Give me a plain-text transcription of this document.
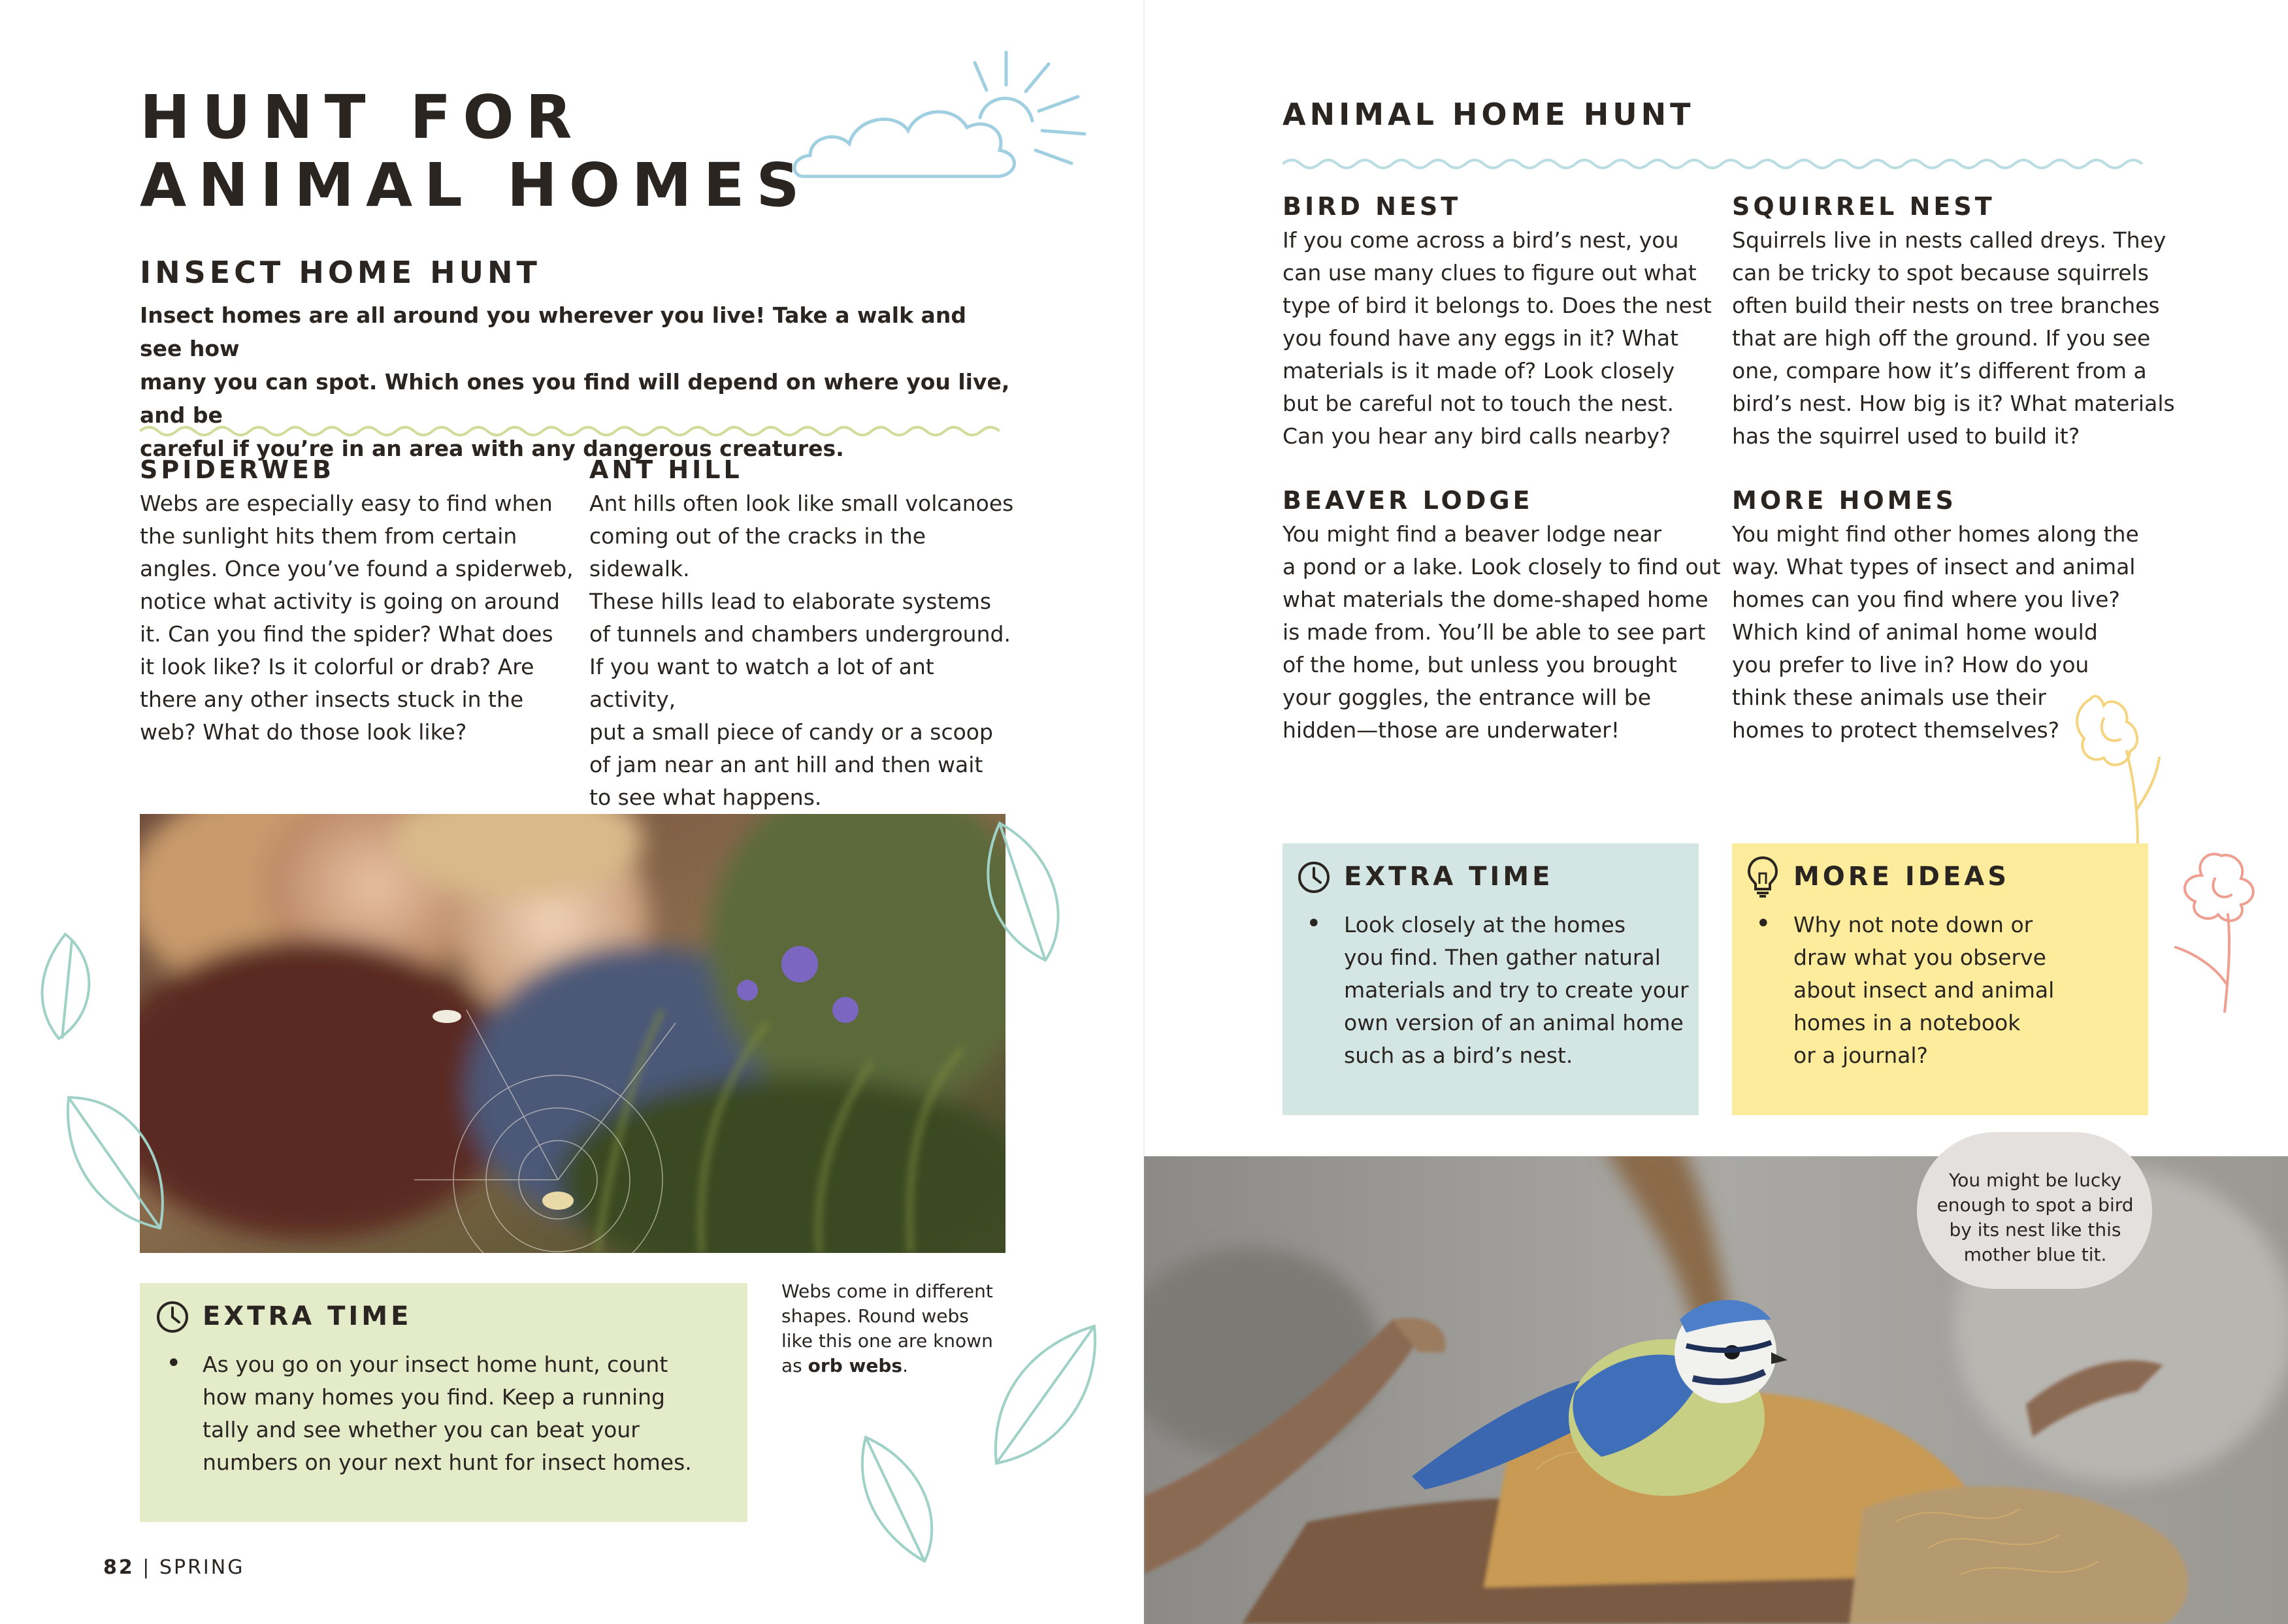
HUNT FOR
ANIMAL HOMES
INSECT HOME HUNT
Insect homes are all around you wherever you live! Take a walk and see how
many you can spot. Which ones you find will depend on where you live, and be
careful if you’re in an area with any dangerous creatures.
SPIDERWEB
Webs are especially easy to find when
the sunlight hits them from certain
angles. Once you’ve found a spiderweb,
notice what activity is going on around
it. Can you find the spider? What does
it look like? Is it colorful or drab? Are
there any other insects stuck in the
web? What do those look like?
ANT HILL
Ant hills often look like small volcanoes
coming out of the cracks in the sidewalk.
These hills lead to elaborate systems
of tunnels and chambers underground.
If you want to watch a lot of ant activity,
put a small piece of candy or a scoop
of jam near an ant hill and then wait
to see what happens.
EXTRA TIME
• As you go on your insect home hunt, count
how many homes you find. Keep a running
tally and see whether you can beat your
numbers on your next hunt for insect homes.
Webs come in different
shapes. Round webs
like this one are known
as orb webs.
82 | SPRING
ANIMAL HOME HUNT
BIRD NEST
If you come across a bird’s nest, you
can use many clues to figure out what
type of bird it belongs to. Does the nest
you found have any eggs in it? What
materials is it made of? Look closely
but be careful not to touch the nest.
Can you hear any bird calls nearby?
SQUIRREL NEST
Squirrels live in nests called dreys. They
can be tricky to spot because squirrels
often build their nests on tree branches
that are high off the ground. If you see
one, compare how it’s different from a
bird’s nest. How big is it? What materials
has the squirrel used to build it?
BEAVER LODGE
You might find a beaver lodge near
a pond or a lake. Look closely to find out
what materials the dome-shaped home
is made from. You’ll be able to see part
of the home, but unless you brought
your goggles, the entrance will be
hidden—those are underwater!
MORE HOMES
You might find other homes along the
way. What types of insect and animal
homes can you find where you live?
Which kind of animal home would
you prefer to live in? How do you
think these animals use their
homes to protect themselves?
EXTRA TIME
• Look closely at the homes
you find. Then gather natural
materials and try to create your
own version of an animal home
such as a bird’s nest.
MORE IDEAS
• Why not note down or
draw what you observe
about insect and animal
homes in a notebook
or a journal?
You might be lucky
enough to spot a bird
by its nest like this
mother blue tit.
